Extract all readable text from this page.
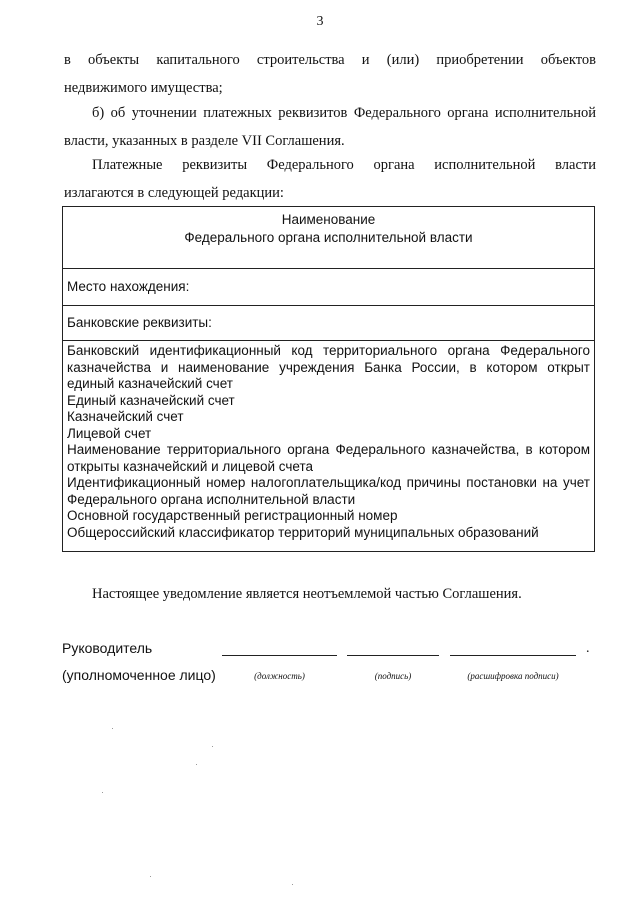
3
в объекты капитального строительства и (или) приобретении объектов
недвижимого имущества;
б) об уточнении платежных реквизитов Федерального органа исполнительной
власти, указанных в разделе VII Соглашения.
Платежные реквизиты Федерального органа исполнительной власти
излагаются в следующей редакции:
Наименование
Федерального органа исполнительной власти

Место нахождения:
Банковские реквизиты:

Банковский идентификационный код территориального органа Федерального
казначейства и наименование учреждения Банка России, в котором открыт
единый казначейский счет
Единый казначейский счет
Казначейский счет
Лицевой счет
Наименование территориального органа Федерального казначейства, в котором
открыты казначейский и лицевой счета
Идентификационный номер налогоплательщика/код причины постановки на учет
Федерального органа исполнительной власти
Основной государственный регистрационный номер
Общероссийский классификатор территорий муниципальных образований
Настоящее уведомление является неотъемлемой частью Соглашения.
Руководитель
(уполномоченное лицо)
.
(должность)	(подпись)	(расшифровка подписи)
